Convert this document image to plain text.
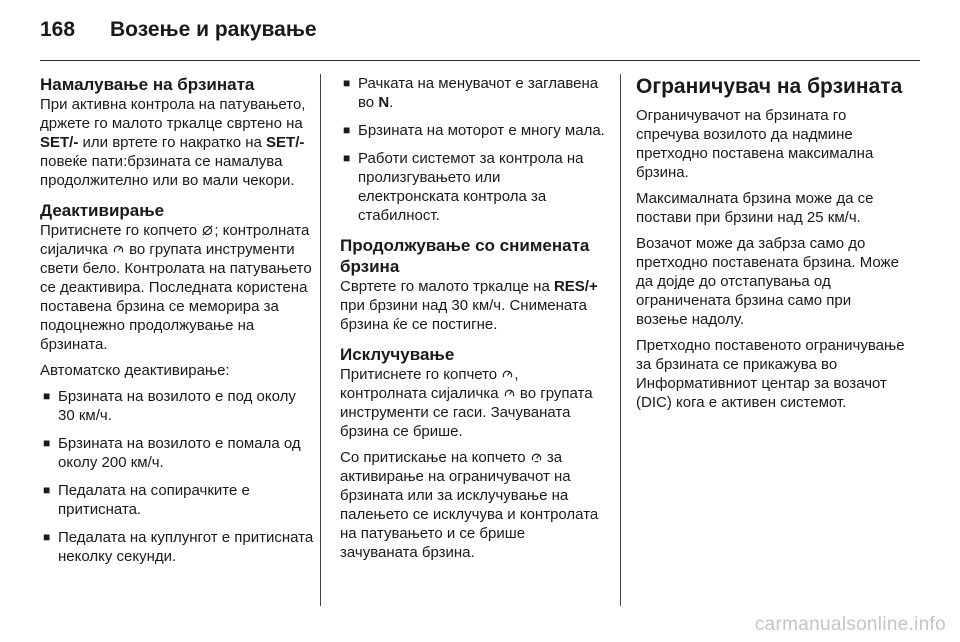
168	Возење и ракување
Намалување на брзината

При активна контрола на патувањето, држете го малото тркалце свртено на SET/- или вртете го накратко на SET/- повеќе пати:брзината се намалува продолжително или во мали чекори.

Деактивирање

Притиснете го копчето ; контролната сијаличка  во групата инструменти свети бело. Контролата на патувањето се деактивира. Последната користена поставена брзина се меморира за подоцнежно продолжување на брзината.

Автоматско деактивирање:

■ Брзината на возилото е под околу 30 км/ч.
■ Брзината на возилото е помала од околу 200 км/ч.
■ Педалата на сопирачките е притисната.
■ Педалата на куплунгот е притисната неколку секунди.
■ Рачката на менувачот е заглавена во N.
■ Брзината на моторот е многу мала.
■ Работи системот за контрола на пролизгувањето или електронската контрола за стабилност.
Продолжување со снимената брзина

Свртете го малото тркалце на RES/+ при брзини над 30 км/ч. Снимената брзина ќе се постигне.

Исклучување

Притиснете го копчето , контролната сијаличка  во групата инструменти се гаси. Зачуваната брзина се брише.

Со притискање на копчето  за активирање на ограничувачот на брзината или за исклучување на палењето се исклучува и контролата на патувањето и се брише зачуваната брзина.

Ограничувач на брзината

Ограничувачот на брзината го спречува возилото да надмине претходно поставена максимална брзина.

Максималната брзина може да се постави при брзини над 25 км/ч.

Возачот може да забрза само до претходно поставената брзина. Може да дојде до отстапувања од ограничената брзина само при возење надолу.

Претходно поставеното ограничување за брзината се прикажува во Информативниот центар за возачот (DIC) кога е активен системот.

carmanualsonline.info
